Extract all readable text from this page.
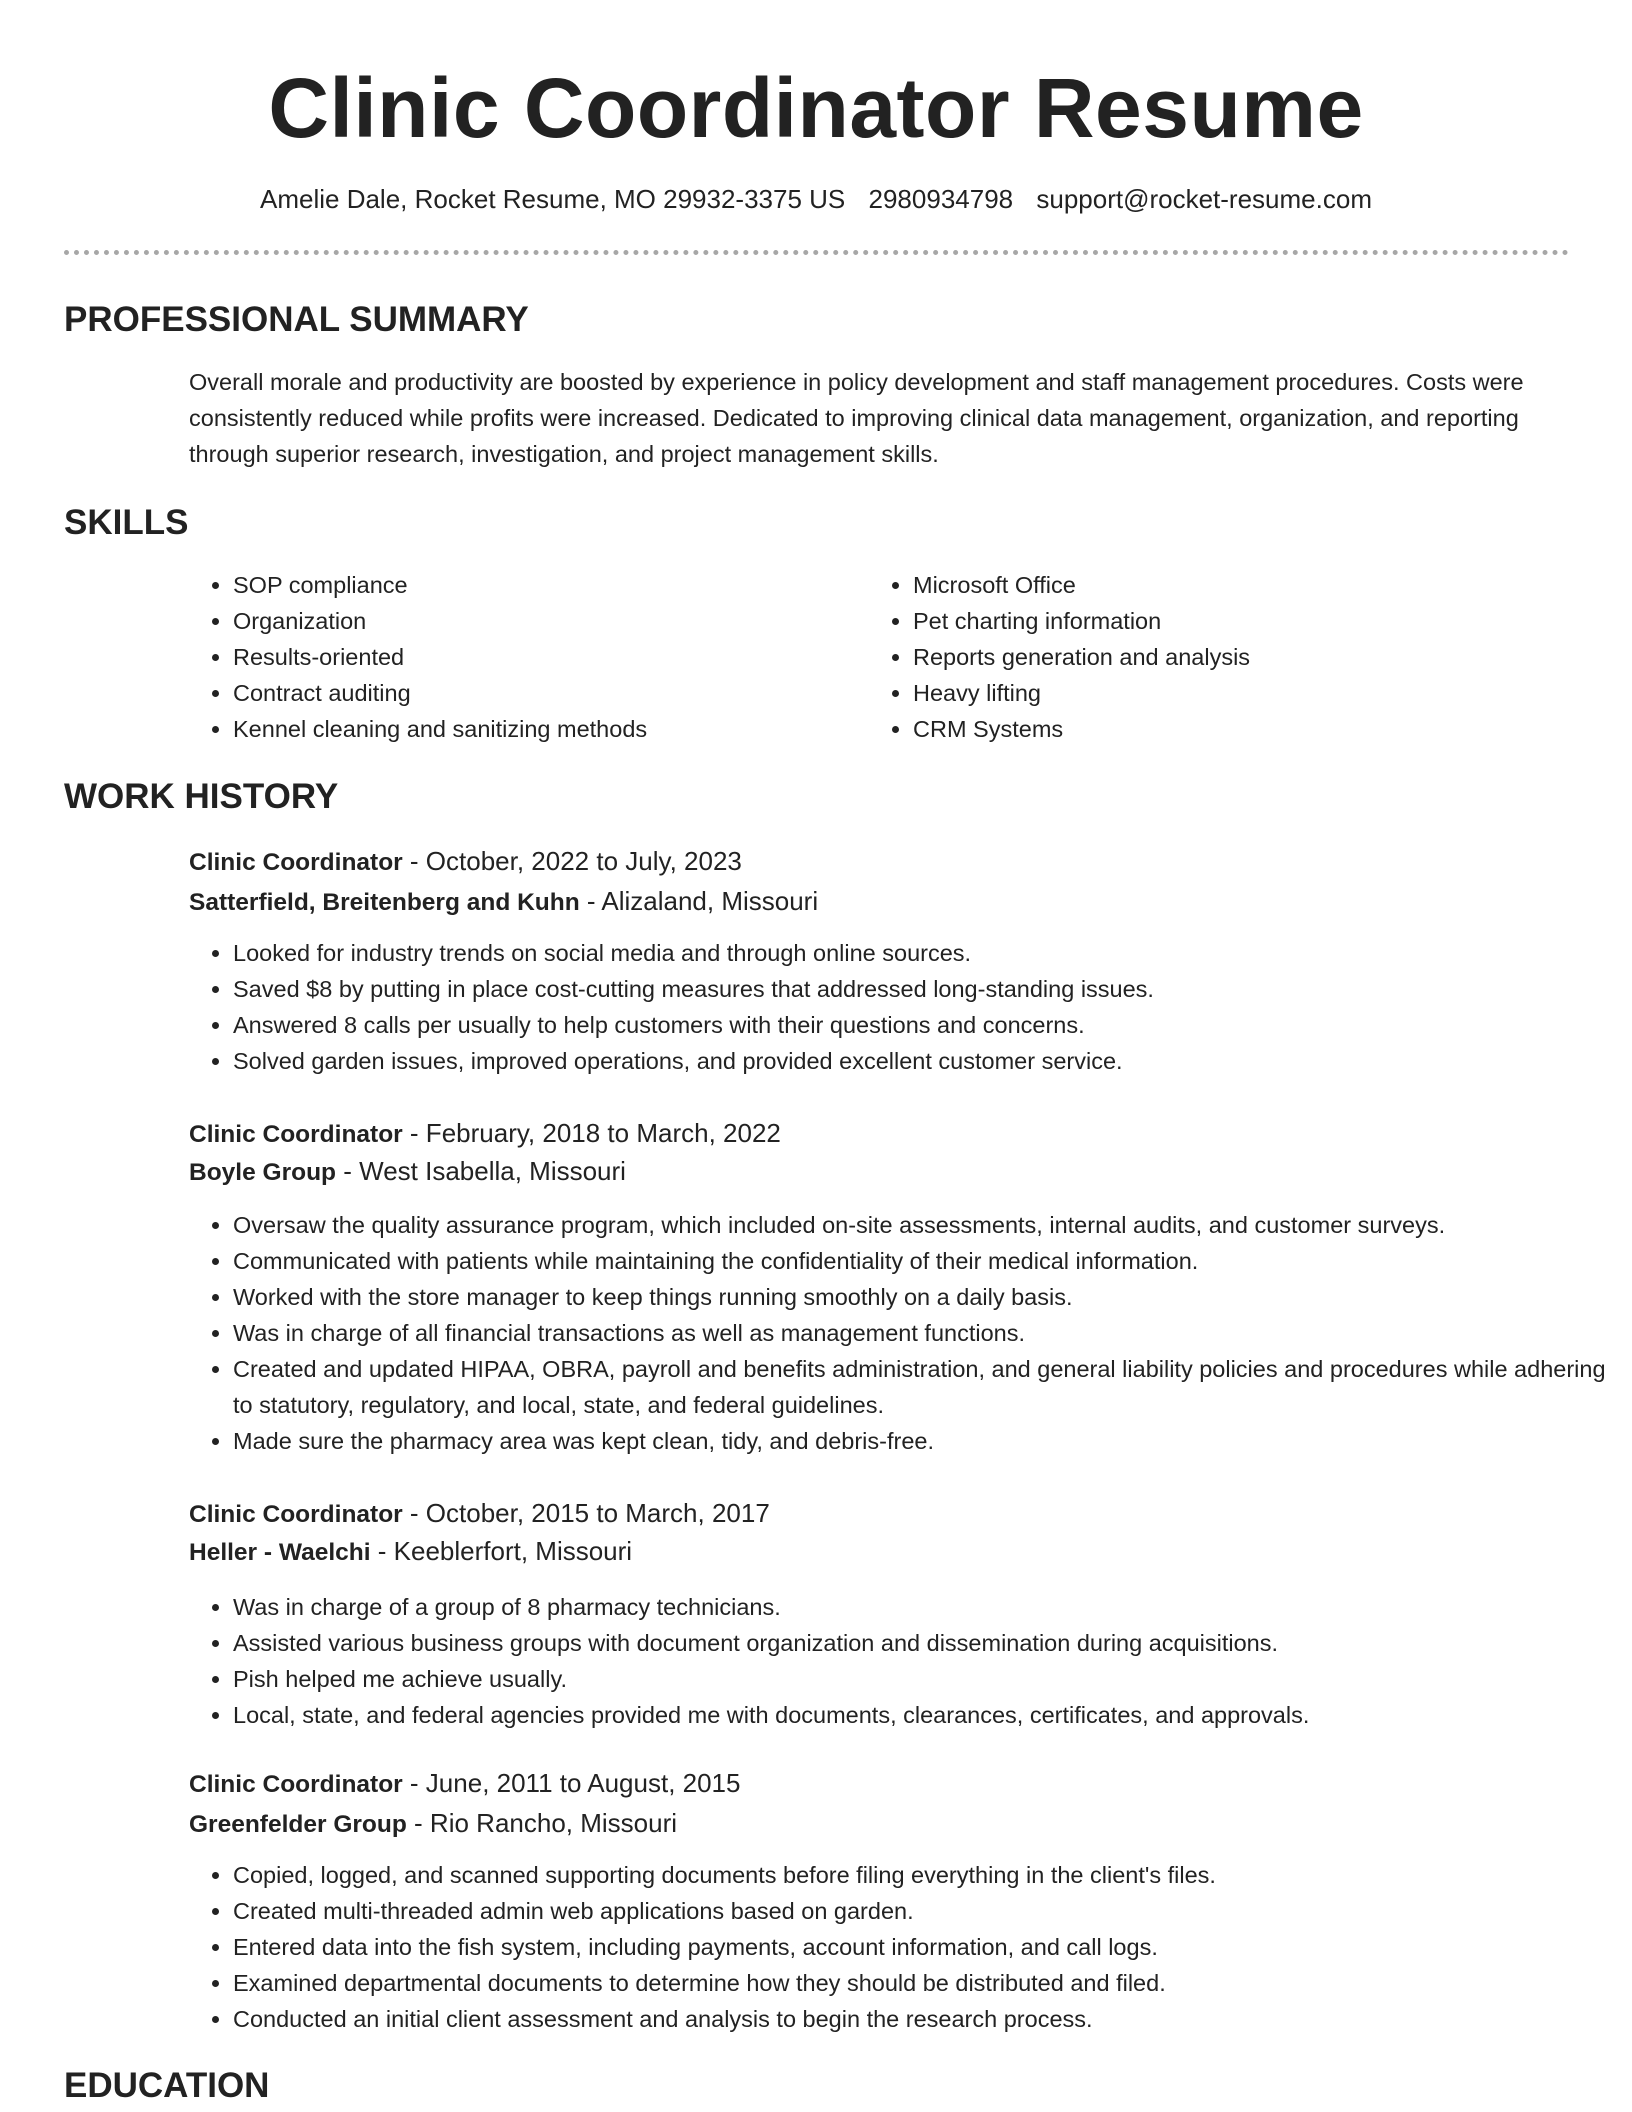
Clinic Coordinator Resume
Amelie Dale, Rocket Resume, MO 29932-3375 US 2980934798 support@rocket-resume.com
PROFESSIONAL SUMMARY

Overall morale and productivity are boosted by experience in policy development and staff management procedures. Costs were consistently reduced while profits were increased. Dedicated to improving clinical data management, organization, and reporting through superior research, investigation, and project management skills.

SKILLS
• SOP compliance
• Organization
• Results-oriented
• Contract auditing
• Kennel cleaning and sanitizing methods
• Microsoft Office
• Pet charting information
• Reports generation and analysis
• Heavy lifting
• CRM Systems
WORK HISTORY
Clinic Coordinator - October, 2022 to July, 2023
Satterfield, Breitenberg and Kuhn - Alizaland, Missouri
• Looked for industry trends on social media and through online sources.
• Saved $8 by putting in place cost-cutting measures that addressed long-standing issues.
• Answered 8 calls per usually to help customers with their questions and concerns.
• Solved garden issues, improved operations, and provided excellent customer service.
Clinic Coordinator - February, 2018 to March, 2022
Boyle Group - West Isabella, Missouri
• Oversaw the quality assurance program, which included on-site assessments, internal audits, and customer surveys.
• Communicated with patients while maintaining the confidentiality of their medical information.
• Worked with the store manager to keep things running smoothly on a daily basis.
• Was in charge of all financial transactions as well as management functions.
• Created and updated HIPAA, OBRA, payroll and benefits administration, and general liability policies and procedures while adhering to statutory, regulatory, and local, state, and federal guidelines.
• Made sure the pharmacy area was kept clean, tidy, and debris-free.
Clinic Coordinator - October, 2015 to March, 2017
Heller - Waelchi - Keeblerfort, Missouri
• Was in charge of a group of 8 pharmacy technicians.
• Assisted various business groups with document organization and dissemination during acquisitions.
• Pish helped me achieve usually.
• Local, state, and federal agencies provided me with documents, clearances, certificates, and approvals.
Clinic Coordinator - June, 2011 to August, 2015
Greenfelder Group - Rio Rancho, Missouri
• Copied, logged, and scanned supporting documents before filing everything in the client's files.
• Created multi-threaded admin web applications based on garden.
• Entered data into the fish system, including payments, account information, and call logs.
• Examined departmental documents to determine how they should be distributed and filed.
• Conducted an initial client assessment and analysis to begin the research process.
EDUCATION
